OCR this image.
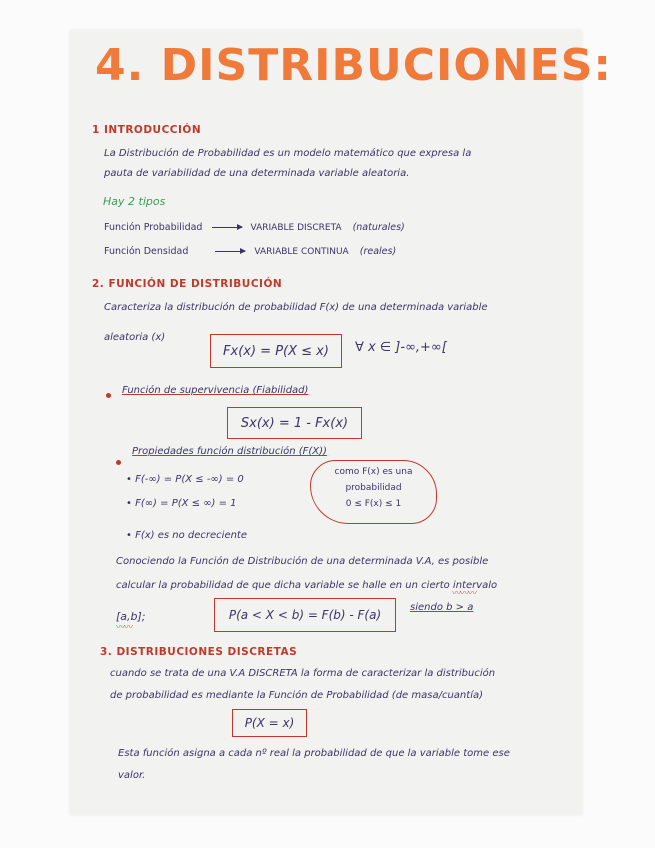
4. DISTRIBUCIONES:
1 INTRODUCCIÓN
La Distribución de Probabilidad es un modelo matemático que expresa la
pauta de variabilidad de una determinada variable aleatoria.
Hay 2 tipos
Función Probabilidad	VARIABLE DISCRETA (naturales)
Función Densidad	VARIABLE CONTINUA (reales)
2. FUNCIÓN DE DISTRIBUCIÓN
Caracteriza la distribución de probabilidad F(x) de una determinada variable
aleatoria (x)
Fx(x) = P(X ≤ x)	∀ x ∈ ]-∞,+∞[
Función de supervivencia (Fiabilidad)
Sx(x) = 1 - Fx(x)
Propiedades función distribución (F(X))
• F(-∞) = P(X ≤ -∞) = 0
• F(∞) = P(X ≤ ∞) = 1
• F(x) es no decreciente
como F(x) es una
probabilidad
0 ≤ F(x) ≤ 1
Conociendo la Función de Distribución de una determinada V.A, es posible
calcular la probabilidad de que dicha variable se halle en un cierto intervalo
〰〰〰
[a,b];
〰〰
P(a < X < b) = F(b) - F(a)
siendo b > a
3. DISTRIBUCIONES DISCRETAS
cuando se trata de una V.A DISCRETA la forma de caracterizar la distribución
de probabilidad es mediante la Función de Probabilidad (de masa/cuantía)
P(X = x)
Esta función asigna a cada nº real la probabilidad de que la variable tome ese
valor.
